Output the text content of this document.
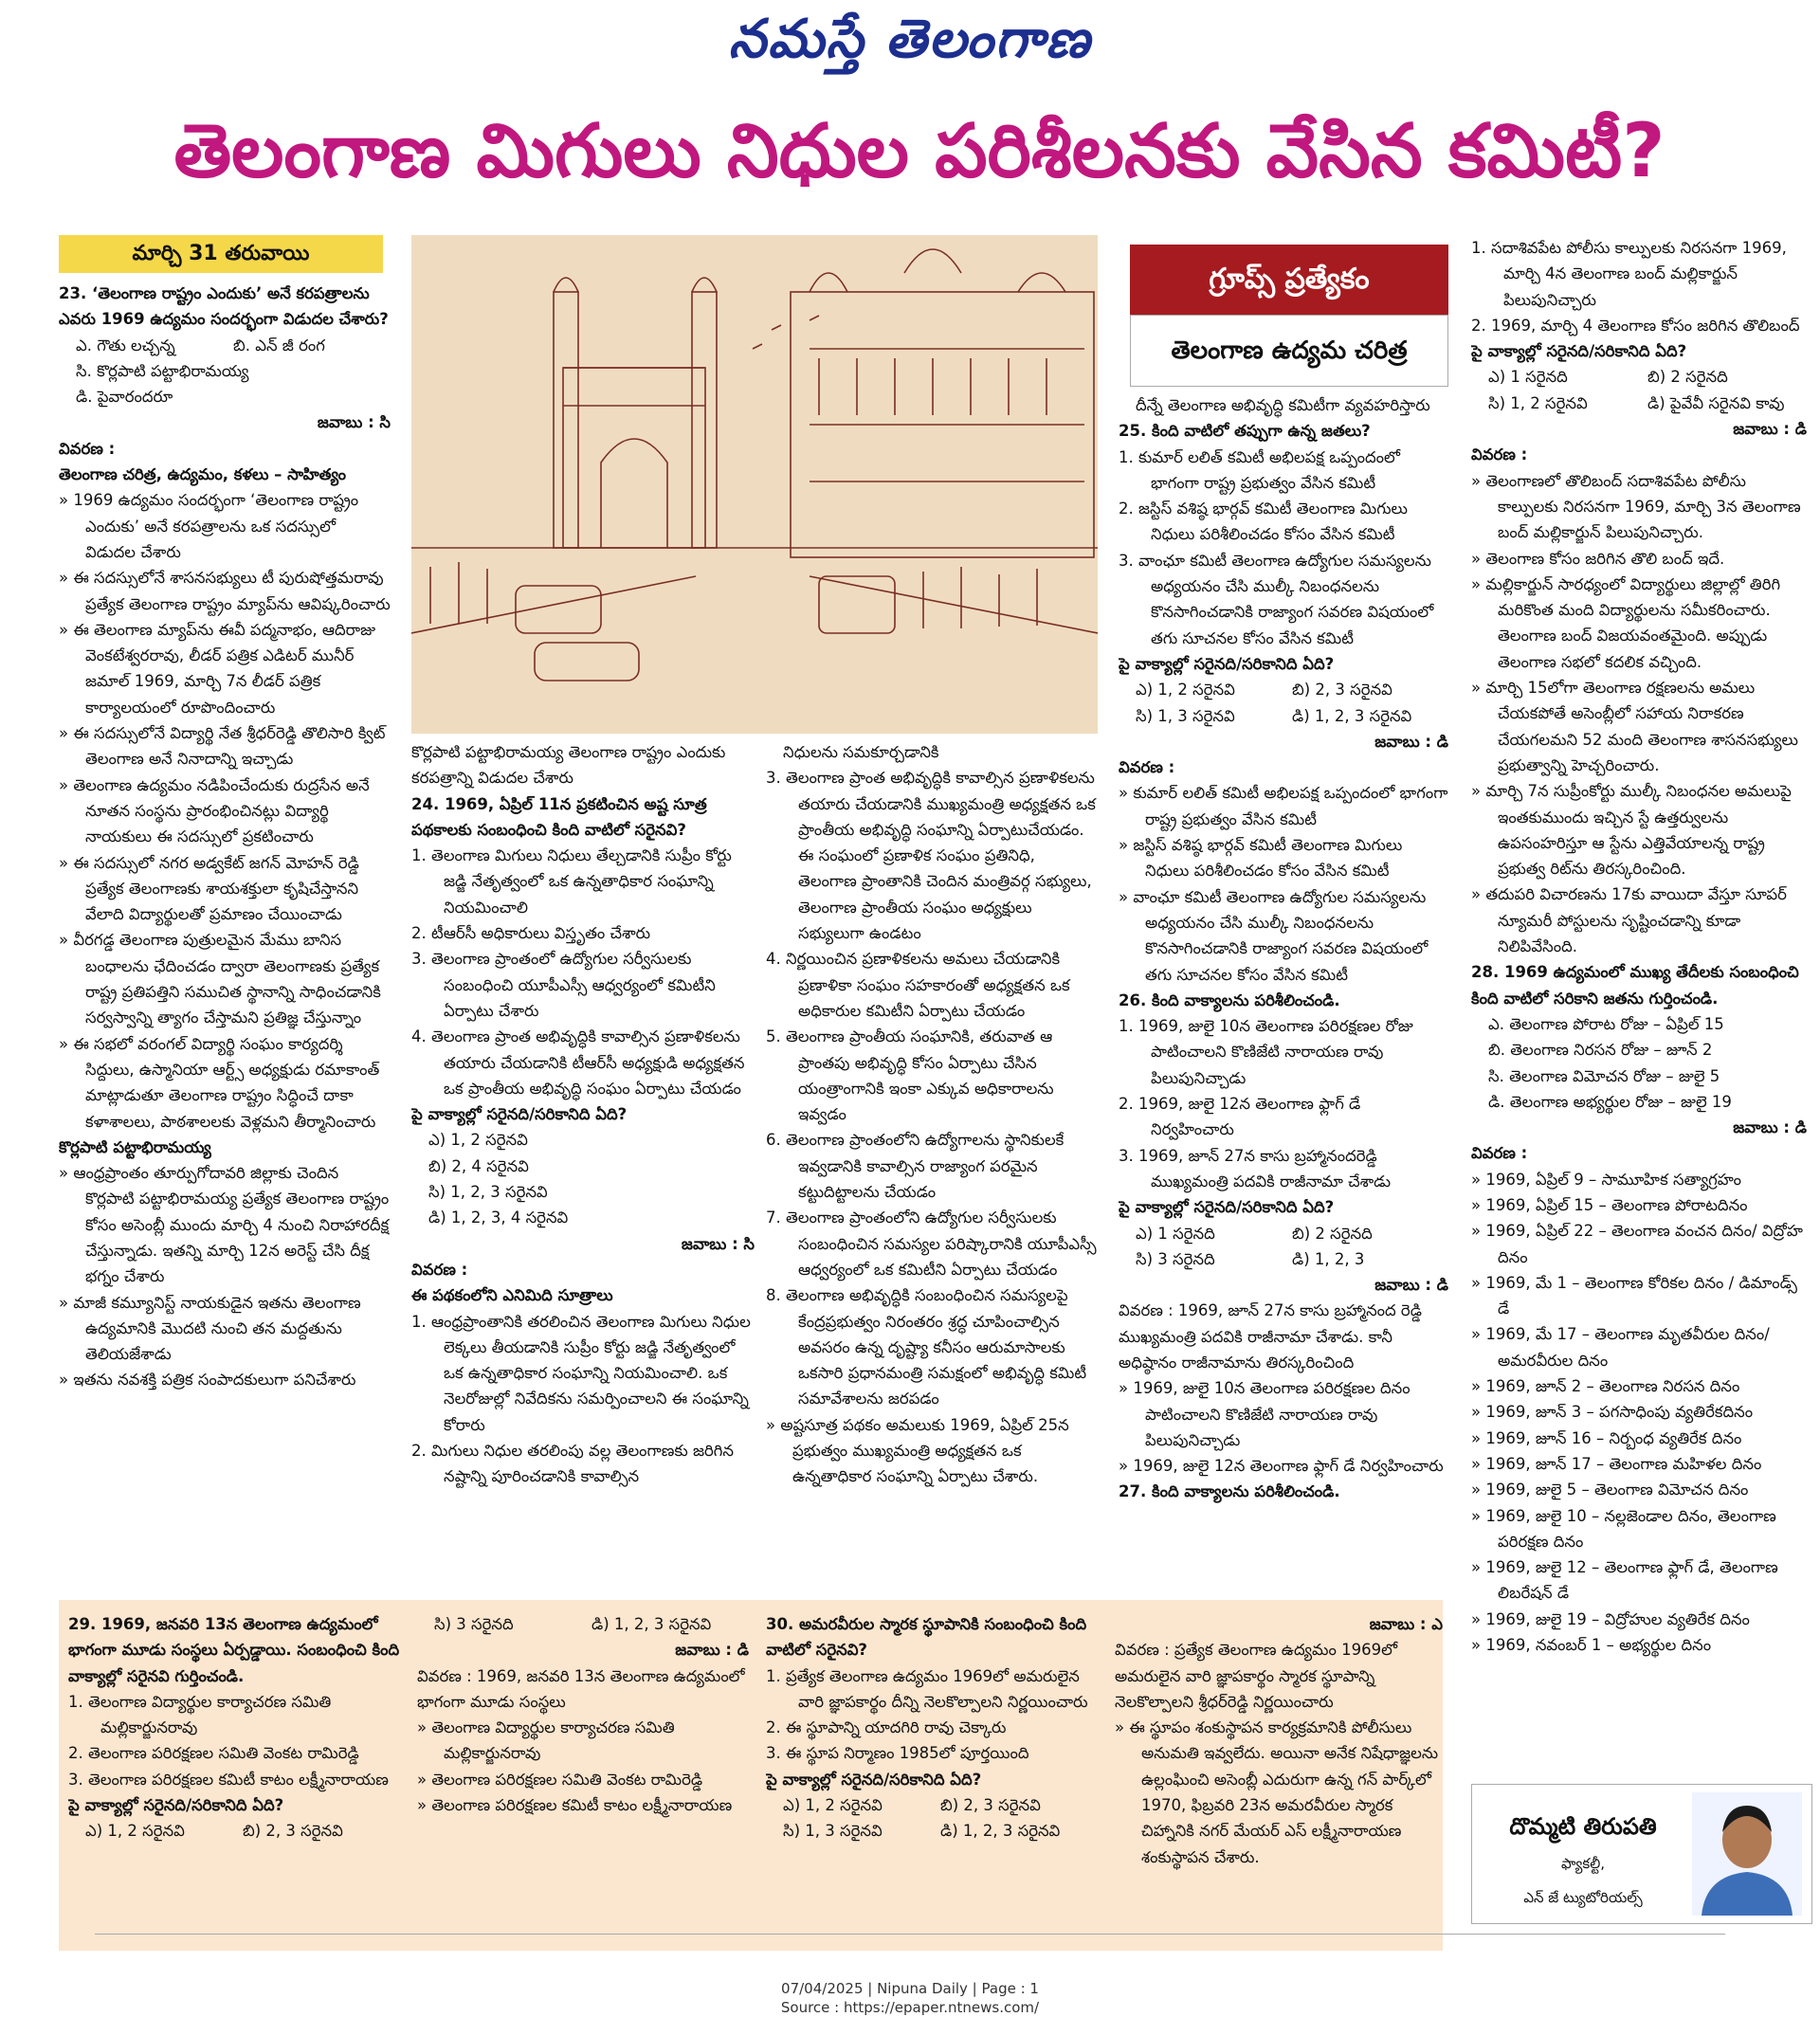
నమస్తే తెలంగాణ
తెలంగాణ మిగులు నిధుల పరిశీలనకు వేసిన కమిటీ?
మార్చి 31 తరువాయి

23. ‘తెలంగాణ రాష్ట్రం ఎందుకు’ అనే కరపత్రాలను ఎవరు 1969 ఉద్యమం సందర్భంగా విడుదల చేశారు?

ఎ. గౌతు లచ్చన్న	బి. ఎన్ జీ రంగ

సి. కొర్లపాటి పట్టాభిరామయ్య

డి. పైవారందరూ

జవాబు : సి

వివరణ :

తెలంగాణ చరిత్ర, ఉద్యమం, కళలు – సాహిత్యం

» 1969 ఉద్యమం సందర్భంగా ‘తెలంగాణ రాష్ట్రం ఎందుకు’ అనే కరపత్రాలను ఒక సదస్సులో విడుదల చేశారు

» ఈ సదస్సులోనే శాసనసభ్యులు టీ పురుషోత్తమరావు ప్రత్యేక తెలంగాణ రాష్ట్రం మ్యాప్‌ను ఆవిష్కరించారు

» ఈ తెలంగాణ మ్యాప్‌ను ఈవీ పద్మనాభం, ఆదిరాజు వెంకటేశ్వరరావు, లీడర్ పత్రిక ఎడిటర్ మునీర్ జమాల్ 1969, మార్చి 7న లీడర్ పత్రిక కార్యాలయంలో రూపొందించారు

» ఈ సదస్సులోనే విద్యార్థి నేత శ్రీధర్‌రెడ్డి తొలిసారి క్విట్ తెలంగాణ అనే నినాదాన్ని ఇచ్చాడు

» తెలంగాణ ఉద్యమం నడిపించేందుకు రుద్రసేన అనే నూతన సంస్థను ప్రారంభించినట్లు విద్యార్థి నాయకులు ఈ సదస్సులో ప్రకటించారు

» ఈ సదస్సులో నగర అడ్వకేట్ జగన్ మోహన్ రెడ్డి ప్రత్యేక తెలంగాణకు శాయశక్తులా కృషిచేస్తానని వేలాది విద్యార్థులతో ప్రమాణం చేయించాడు

» వీరగడ్డ తెలంగాణ పుత్రులమైన మేము బానిస బంధాలను ఛేదించడం ద్వారా తెలంగాణకు ప్రత్యేక రాష్ట్ర ప్రతిపత్తిని సముచిత స్థానాన్ని సాధించడానికి సర్వస్వాన్ని త్యాగం చేస్తామని ప్రతిజ్ఞ చేస్తున్నాం

» ఈ సభలో వరంగల్ విద్యార్థి సంఘం కార్యదర్శి సిద్దులు, ఉస్మానియా ఆర్ట్స్ అధ్యక్షుడు రమాకాంత్ మాట్లాడుతూ తెలంగాణ రాష్ట్రం సిద్ధించే దాకా కళాశాలలు, పాఠశాలలకు వెళ్లమని తీర్మానించారు

కొర్లపాటి పట్టాభిరామయ్య

» ఆంధ్రప్రాంతం తూర్పుగోదావరి జిల్లాకు చెందిన కొర్లపాటి పట్టాభిరామయ్య ప్రత్యేక తెలంగాణ రాష్ట్రం కోసం అసెంబ్లీ ముందు మార్చి 4 నుంచి నిరాహారదీక్ష చేస్తున్నాడు. ఇతన్ని మార్చి 12న అరెస్ట్ చేసి దీక్ష భగ్నం చేశారు

» మాజీ కమ్యూనిస్ట్ నాయకుడైన ఇతను తెలంగాణ ఉద్యమానికి మొదటి నుంచి తన మద్దతును తెలియజేశాడు

» ఇతను నవశక్తి పత్రిక సంపాదకులుగా పనిచేశారు

కొర్లపాటి పట్టాభిరామయ్య తెలంగాణ రాష్ట్రం ఎందుకు కరపత్రాన్ని విడుదల చేశారు

24. 1969, ఏప్రిల్ 11న ప్రకటించిన అష్ట సూత్ర పథకాలకు సంబంధించి కింది వాటిలో సరైనవి?

1. తెలంగాణ మిగులు నిధులు తేల్చడానికి సుప్రీం కోర్టు జడ్జి నేతృత్వంలో ఒక ఉన్నతాధికార సంఘాన్ని నియమించాలి

2. టీఆర్‌సీ అధికారులు విస్తృతం చేశారు

3. తెలంగాణ ప్రాంతంలో ఉద్యోగుల సర్వీసులకు సంబంధించి యూపీఎస్సీ ఆధ్వర్యంలో కమిటీని ఏర్పాటు చేశారు

4. తెలంగాణ ప్రాంత అభివృద్ధికి కావాల్సిన ప్రణాళికలను తయారు చేయడానికి టీఆర్‌సీ అధ్యక్షుడి అధ్యక్షతన ఒక ప్రాంతీయ అభివృద్ధి సంఘం ఏర్పాటు చేయడం

పై వాక్యాల్లో సరైనది/సరికానిది ఏది?

ఎ) 1, 2 సరైనవి

బి) 2, 4 సరైనవి

సి) 1, 2, 3 సరైనవి

డి) 1, 2, 3, 4 సరైనవి

జవాబు : సి

వివరణ :

ఈ పథకంలోని ఎనిమిది సూత్రాలు

1. ఆంధ్రప్రాంతానికి తరలించిన తెలంగాణ మిగులు నిధుల లెక్కలు తీయడానికి సుప్రీం కోర్టు జడ్జి నేతృత్వంలో ఒక ఉన్నతాధికార సంఘాన్ని నియమించాలి. ఒక నెలరోజుల్లో నివేదికను సమర్పించాలని ఈ సంఘాన్ని కోరారు

2. మిగులు నిధుల తరలింపు వల్ల తెలంగాణకు జరిగిన నష్టాన్ని పూరించడానికి కావాల్సిన

నిధులను సమకూర్చడానికి

3. తెలంగాణ ప్రాంత అభివృద్ధికి కావాల్సిన ప్రణాళికలను తయారు చేయడానికి ముఖ్యమంత్రి అధ్యక్షతన ఒక ప్రాంతీయ అభివృద్ధి సంఘాన్ని ఏర్పాటుచేయడం. ఈ సంఘంలో ప్రణాళిక సంఘం ప్రతినిధి, తెలంగాణ ప్రాంతానికి చెందిన మంత్రివర్గ సభ్యులు, తెలంగాణ ప్రాంతీయ సంఘం అధ్యక్షులు సభ్యులుగా ఉండటం

4. నిర్ణయించిన ప్రణాళికలను అమలు చేయడానికి ప్రణాళికా సంఘం సహకారంతో అధ్యక్షతన ఒక అధికారుల కమిటీని ఏర్పాటు చేయడం

5. తెలంగాణ ప్రాంతీయ సంఘానికి, తరువాత ఆ ప్రాంతపు అభివృద్ధి కోసం ఏర్పాటు చేసిన యంత్రాంగానికి ఇంకా ఎక్కువ అధికారాలను ఇవ్వడం

6. తెలంగాణ ప్రాంతంలోని ఉద్యోగాలను స్థానికులకే ఇవ్వడానికి కావాల్సిన రాజ్యాంగ పరమైన కట్టుదిట్టాలను చేయడం

7. తెలంగాణ ప్రాంతంలోని ఉద్యోగుల సర్వీసులకు సంబంధించిన సమస్యల పరిష్కారానికి యూపీఎస్సీ ఆధ్వర్యంలో ఒక కమిటీని ఏర్పాటు చేయడం

8. తెలంగాణ అభివృద్ధికి సంబంధించిన సమస్యలపై కేంద్రప్రభుత్వం నిరంతరం శ్రద్ధ చూపించాల్సిన అవసరం ఉన్న దృష్ట్యా కనీసం ఆరుమాసాలకు ఒకసారి ప్రధానమంత్రి సమక్షంలో అభివృద్ధి కమిటీ సమావేశాలను జరపడం

» అష్టసూత్ర పథకం అమలుకు 1969, ఏప్రిల్ 25న ప్రభుత్వం ముఖ్యమంత్రి అధ్యక్షతన ఒక ఉన్నతాధికార సంఘాన్ని ఏర్పాటు చేశారు.

గ్రూప్స్ ప్రత్యేకం
తెలంగాణ ఉద్యమ చరిత్ర

దీన్నే తెలంగాణ అభివృద్ధి కమిటీగా వ్యవహరిస్తారు

25. కింది వాటిలో తప్పుగా ఉన్న జతలు?

1. కుమార్ లలిత్ కమిటీ అభిలపక్ష ఒప్పందంలో భాగంగా రాష్ట్ర ప్రభుత్వం వేసిన కమిటీ

2. జస్టిస్ వశిష్ఠ భార్గవ్ కమిటీ తెలంగాణ మిగులు నిధులు పరిశీలించడం కోసం వేసిన కమిటీ

3. వాంఛూ కమిటీ తెలంగాణ ఉద్యోగుల సమస్యలను అధ్యయనం చేసి ముల్కీ నిబంధనలను కొనసాగించడానికి రాజ్యాంగ సవరణ విషయంలో తగు సూచనల కోసం వేసిన కమిటీ

పై వాక్యాల్లో సరైనది/సరికానిది ఏది?

ఎ) 1, 2 సరైనవి	బి) 2, 3 సరైనవి
సి) 1, 3 సరైనవి	డి) 1, 2, 3 సరైనవి

జవాబు : డి

వివరణ :

» కుమార్ లలిత్ కమిటీ అభిలపక్ష ఒప్పందంలో భాగంగా రాష్ట్ర ప్రభుత్వం వేసిన కమిటీ

» జస్టిస్ వశిష్ఠ భార్గవ్ కమిటీ తెలంగాణ మిగులు నిధులు పరిశీలించడం కోసం వేసిన కమిటీ

» వాంఛూ కమిటీ తెలంగాణ ఉద్యోగుల సమస్యలను అధ్యయనం చేసి ముల్కీ నిబంధనలను కొనసాగించడానికి రాజ్యాంగ సవరణ విషయంలో తగు సూచనల కోసం వేసిన కమిటీ

26. కింది వాక్యాలను పరిశీలించండి.

1. 1969, జులై 10న తెలంగాణ పరిరక్షణల రోజు పాటించాలని కొణిజేటి నారాయణ రావు పిలుపునిచ్చాడు

2. 1969, జులై 12న తెలంగాణ ఫ్లాగ్ డే నిర్వహించారు

3. 1969, జూన్ 27న కాసు బ్రహ్మానందరెడ్డి ముఖ్యమంత్రి పదవికి రాజీనామా చేశాడు

పై వాక్యాల్లో సరైనది/సరికానిది ఏది?

ఎ) 1 సరైనది	బి) 2 సరైనది
సి) 3 సరైనది	డి) 1, 2, 3

జవాబు : డి

వివరణ : 1969, జూన్ 27న కాసు బ్రహ్మానంద రెడ్డి ముఖ్యమంత్రి పదవికి రాజీనామా చేశాడు. కానీ అధిష్ఠానం రాజీనామాను తిరస్కరించింది

» 1969, జులై 10న తెలంగాణ పరిరక్షణల దినం పాటించాలని కొణిజేటి నారాయణ రావు పిలుపునిచ్చాడు

» 1969, జులై 12న తెలంగాణ ఫ్లాగ్ డే నిర్వహించారు

27. కింది వాక్యాలను పరిశీలించండి.

1. సదాశివపేట పోలీసు కాల్పులకు నిరసనగా 1969, మార్చి 4న తెలంగాణ బంద్ మల్లికార్జున్ పిలుపునిచ్చారు

2. 1969, మార్చి 4 తెలంగాణ కోసం జరిగిన తొలిబంద్

పై వాక్యాల్లో సరైనది/సరికానిది ఏది?

ఎ) 1 సరైనది	బి) 2 సరైనది
సి) 1, 2 సరైనవి	డి) పైవేవీ సరైనవి కావు

జవాబు : డి

వివరణ :

» తెలంగాణలో తొలిబంద్ సదాశివపేట పోలీసు కాల్పులకు నిరసనగా 1969, మార్చి 3న తెలంగాణ బంద్ మల్లికార్జున్ పిలుపునిచ్చారు.

» తెలంగాణ కోసం జరిగిన తొలి బంద్ ఇదే.

» మల్లికార్జున్ సారధ్యంలో విద్యార్థులు జిల్లాల్లో తిరిగి మరికొంత మంది విద్యార్థులను సమీకరించారు. తెలంగాణ బంద్ విజయవంతమైంది. అప్పుడు తెలంగాణ సభలో కదలిక వచ్చింది.

» మార్చి 15లోగా తెలంగాణ రక్షణలను అమలు చేయకపోతే అసెంబ్లీలో సహాయ నిరాకరణ చేయగలమని 52 మంది తెలంగాణ శాసనసభ్యులు ప్రభుత్వాన్ని హెచ్చరించారు.

» మార్చి 7న సుప్రీంకోర్టు ముల్కీ నిబంధనల అమలుపై ఇంతకుముందు ఇచ్చిన స్టే ఉత్తర్వులను ఉపసంహరిస్తూ ఆ స్టేను ఎత్తివేయాలన్న రాష్ట్ర ప్రభుత్వ రిట్‌ను తిరస్కరించింది.

» తదుపరి విచారణను 17కు వాయిదా వేస్తూ సూపర్ న్యూమరీ పోస్టులను సృష్టించడాన్ని కూడా నిలిపివేసింది.

28. 1969 ఉద్యమంలో ముఖ్య తేదీలకు సంబంధించి కింది వాటిలో సరికాని జతను గుర్తించండి.

ఎ. తెలంగాణ పోరాట రోజు – ఏప్రిల్ 15

బి. తెలంగాణ నిరసన రోజు – జూన్ 2

సి. తెలంగాణ విమోచన రోజు – జులై 5

డి. తెలంగాణ అభ్యర్థుల రోజు – జులై 19

జవాబు : డి

వివరణ :

» 1969, ఏప్రిల్ 9 – సామూహిక సత్యాగ్రహం

» 1969, ఏప్రిల్ 15 – తెలంగాణ పోరాటదినం

» 1969, ఏప్రిల్ 22 – తెలంగాణ వంచన దినం/ విద్రోహ దినం

» 1969, మే 1 – తెలంగాణ కోరికల దినం / డిమాండ్స్ డే

» 1969, మే 17 – తెలంగాణ మృతవీరుల దినం/ అమరవీరుల దినం

» 1969, జూన్ 2 – తెలంగాణ నిరసన దినం

» 1969, జూన్ 3 – పగసాధింపు వ్యతిరేకదినం

» 1969, జూన్ 16 – నిర్బంధ వ్యతిరేక దినం

» 1969, జూన్ 17 – తెలంగాణ మహిళల దినం

» 1969, జులై 5 – తెలంగాణ విమోచన దినం

» 1969, జులై 10 – నల్లజెండాల దినం, తెలంగాణ పరిరక్షణ దినం

» 1969, జులై 12 – తెలంగాణ ఫ్లాగ్ డే, తెలంగాణ లిబరేషన్ డే

» 1969, జులై 19 – విద్రోహుల వ్యతిరేక దినం

» 1969, నవంబర్ 1 – అభ్యర్థుల దినం

29. 1969, జనవరి 13న తెలంగాణ ఉద్యమంలో భాగంగా మూడు సంస్థలు ఏర్పడ్డాయి. సంబంధించి కింది వాక్యాల్లో సరైనవి గుర్తించండి.

1. తెలంగాణ విద్యార్థుల కార్యాచరణ సమితి మల్లికార్జునరావు

2. తెలంగాణ పరిరక్షణల సమితి వెంకట రామిరెడ్డి

3. తెలంగాణ పరిరక్షణల కమిటీ కాటం లక్ష్మీనారాయణ

పై వాక్యాల్లో సరైనది/సరికానిది ఏది?

ఎ) 1, 2 సరైనవి	బి) 2, 3 సరైనవి
సి) 3 సరైనది	డి) 1, 2, 3 సరైనవి

జవాబు : డి

వివరణ : 1969, జనవరి 13న తెలంగాణ ఉద్యమంలో భాగంగా మూడు సంస్థలు

» తెలంగాణ విద్యార్థుల కార్యాచరణ సమితి మల్లికార్జునరావు

» తెలంగాణ పరిరక్షణల సమితి వెంకట రామిరెడ్డి

» తెలంగాణ పరిరక్షణల కమిటీ కాటం లక్ష్మీనారాయణ

30. అమరవీరుల స్మారక స్థూపానికి సంబంధించి కింది వాటిలో సరైనవి?

1. ప్రత్యేక తెలంగాణ ఉద్యమం 1969లో అమరులైన వారి జ్ఞాపకార్థం దీన్ని నెలకొల్పాలని నిర్ణయించారు

2. ఈ స్థూపాన్ని యాదగిరి రావు చెక్కారు

3. ఈ స్థూప నిర్మాణం 1985లో పూర్తయింది

పై వాక్యాల్లో సరైనది/సరికానిది ఏది?

ఎ) 1, 2 సరైనవి	బి) 2, 3 సరైనవి
సి) 1, 3 సరైనవి	డి) 1, 2, 3 సరైనవి

జవాబు : ఎ

వివరణ : ప్రత్యేక తెలంగాణ ఉద్యమం 1969లో అమరులైన వారి జ్ఞాపకార్థం స్మారక స్థూపాన్ని నెలకొల్పాలని శ్రీధర్‌రెడ్డి నిర్ణయించారు

» ఈ స్థూపం శంకుస్థాపన కార్యక్రమానికి పోలీసులు అనుమతి ఇవ్వలేదు. అయినా అనేక నిషేధాజ్ఞలను ఉల్లంఘించి అసెంబ్లీ ఎదురుగా ఉన్న గన్ పార్క్‌లో 1970, ఫిబ్రవరి 23న అమరవీరుల స్మారక చిహ్నానికి నగర్ మేయర్ ఎస్ లక్ష్మీనారాయణ శంకుస్థాపన చేశారు.

దొమ్మటి తిరుపతి
ఫ్యాకల్టీ,
ఎన్ జే ట్యుటోరియల్స్
07/04/2025 | Nipuna Daily | Page : 1
Source : https://epaper.ntnews.com/
